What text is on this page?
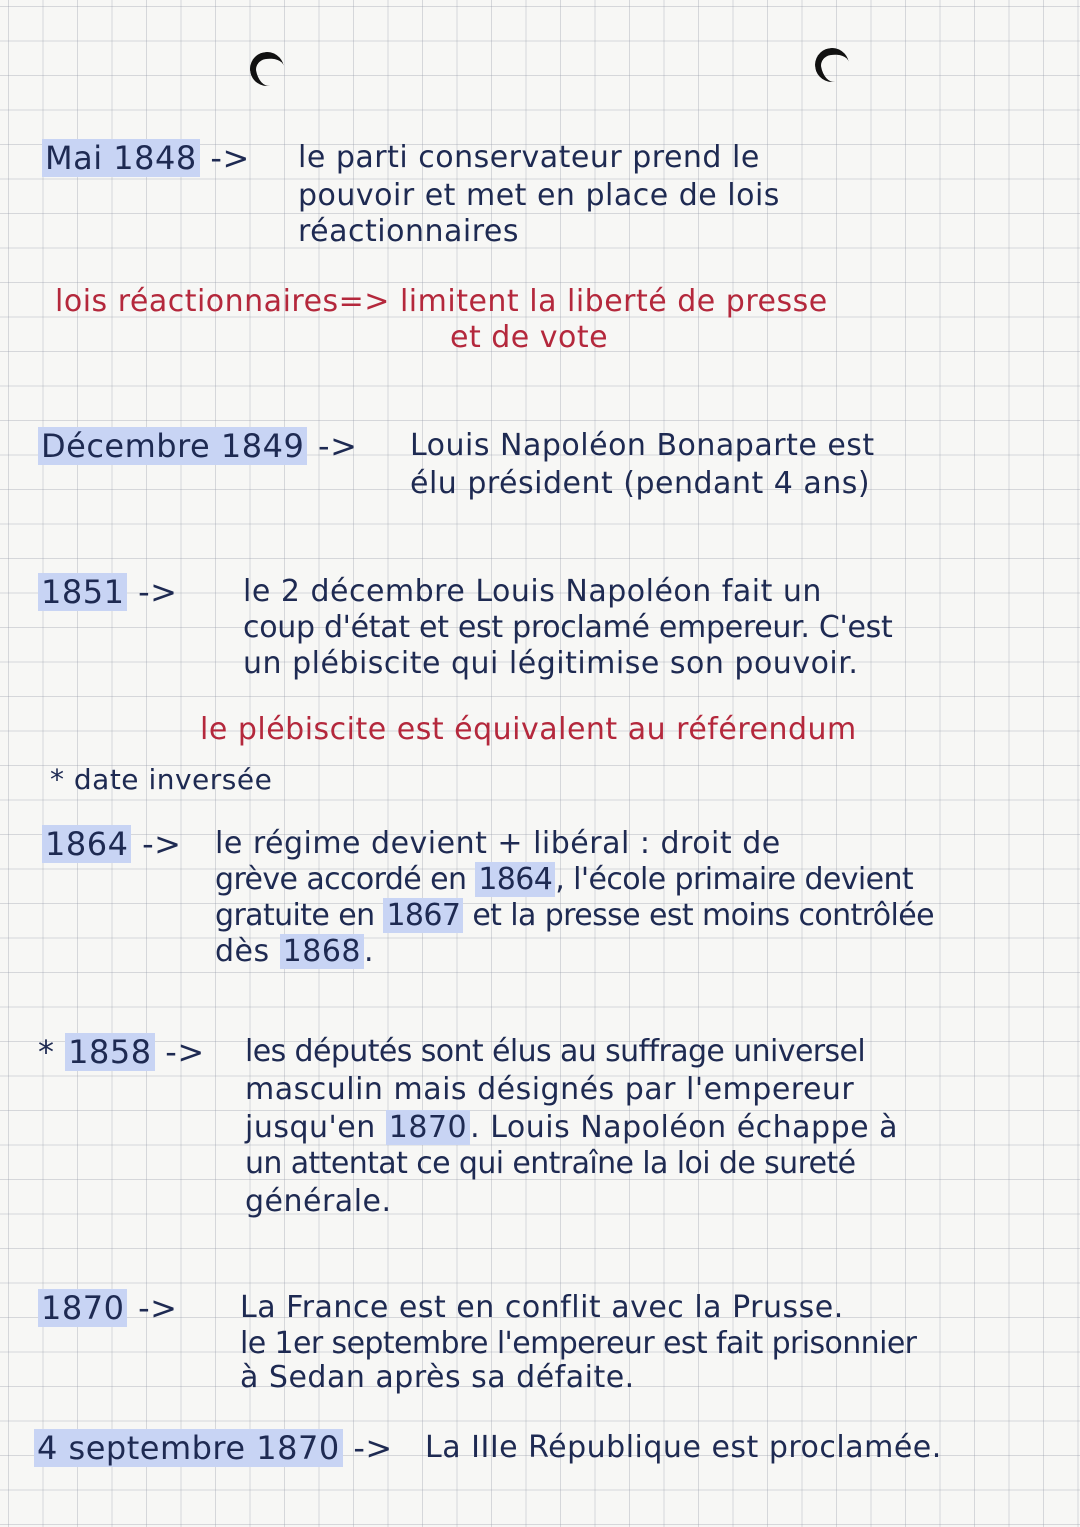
Mai 1848 -> le parti conservateur prend le
pouvoir et met en place de lois
réactionnaires
lois réactionnaires=> limitent la liberté de presse
et de vote
Décembre 1849 -> Louis Napoléon Bonaparte est
élu président (pendant 4 ans)
1851 -> le 2 décembre Louis Napoléon fait un
coup d'état et est proclamé empereur. C'est
un plébiscite qui légitimise son pouvoir.
le plébiscite est équivalent au référendum
* date inversée
1864 -> le régime devient + libéral : droit de
grève accordé en 1864 , l'école primaire devient
gratuite en 1867 et la presse est moins contrôlée
dès 1868 .
* 1858 -> les députés sont élus au suffrage universel
masculin mais désignés par l'empereur
jusqu'en 1870 . Louis Napoléon échappe à
un attentat ce qui entraîne la loi de sureté
générale.
1870 -> La France est en conflit avec la Prusse.
le 1er septembre l'empereur est fait prisonnier
à Sedan après sa défaite.
4 septembre 1870 -> La IIIe République est proclamée.
